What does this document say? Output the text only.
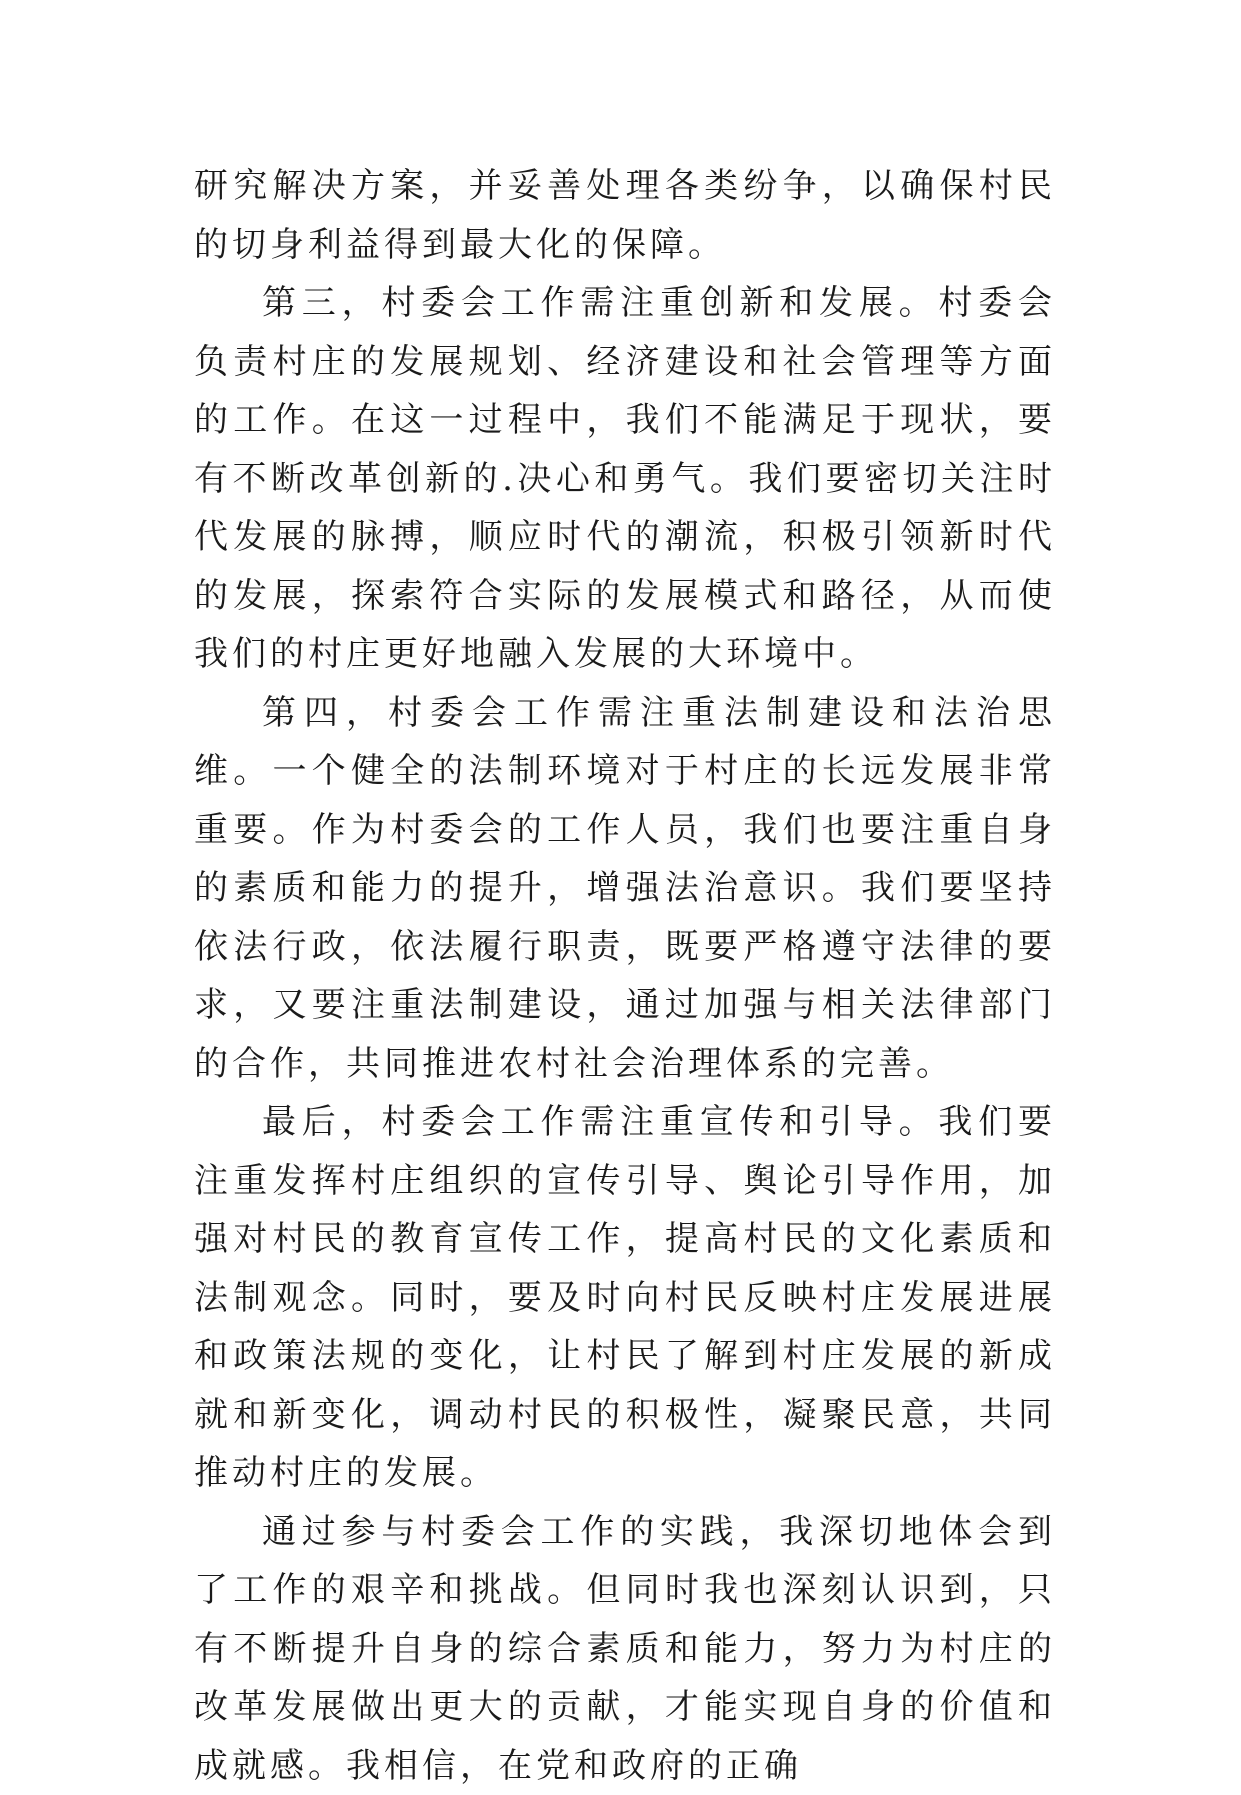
研究解决方案，并妥善处理各类纷争，以确保村民的切身利益得到最大化的保障。

第三，村委会工作需注重创新和发展。村委会负责村庄的发展规划、经济建设和社会管理等方面的工作。在这一过程中，我们不能满足于现状，要有不断改革创新的.决心和勇气。我们要密切关注时代发展的脉搏，顺应时代的潮流，积极引领新时代的发展，探索符合实际的发展模式和路径，从而使我们的村庄更好地融入发展的大环境中。

第四，村委会工作需注重法制建设和法治思维。一个健全的法制环境对于村庄的长远发展非常重要。作为村委会的工作人员，我们也要注重自身的素质和能力的提升，增强法治意识。我们要坚持依法行政，依法履行职责，既要严格遵守法律的要求，又要注重法制建设，通过加强与相关法律部门的合作，共同推进农村社会治理体系的完善。

最后，村委会工作需注重宣传和引导。我们要注重发挥村庄组织的宣传引导、舆论引导作用，加强对村民的教育宣传工作，提高村民的文化素质和法制观念。同时，要及时向村民反映村庄发展进展和政策法规的变化，让村民了解到村庄发展的新成就和新变化，调动村民的积极性，凝聚民意，共同推动村庄的发展。

通过参与村委会工作的实践，我深切地体会到了工作的艰辛和挑战。但同时我也深刻认识到，只有不断提升自身的综合素质和能力，努力为村庄的改革发展做出更大的贡献，才能实现自身的价值和成就感。我相信，在党和政府的正确
